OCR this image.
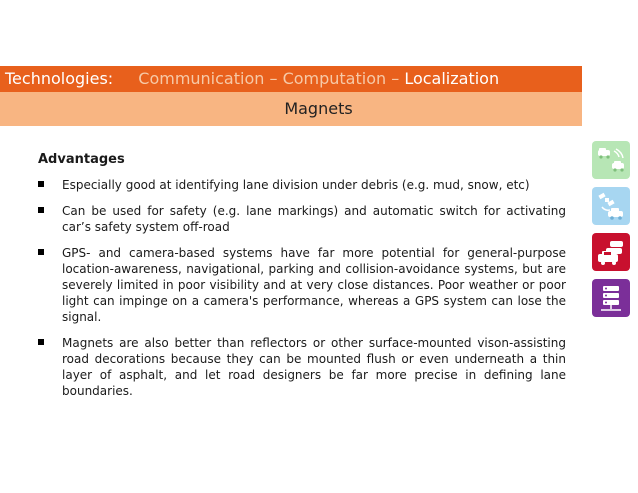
Technologies: Communication – Computation – Localization
Magnets
Advantages
Especially good at identifying lane division under debris (e.g. mud, snow, etc)
Can be used for safety (e.g. lane markings) and automatic switch for activating car’s safety system off-road
GPS- and camera-based systems have far more potential for general-purpose location-awareness, navigational, parking and collision-avoidance systems, but are severely limited in poor visibility and at very close distances. Poor weather or poor light can impinge on a camera's performance, whereas a GPS system can lose the signal.
Magnets are also better than reflectors or other surface-mounted vison-assisting road decorations because they can be mounted flush or even underneath a thin layer of asphalt, and let road designers be far more precise in defining lane boundaries.
